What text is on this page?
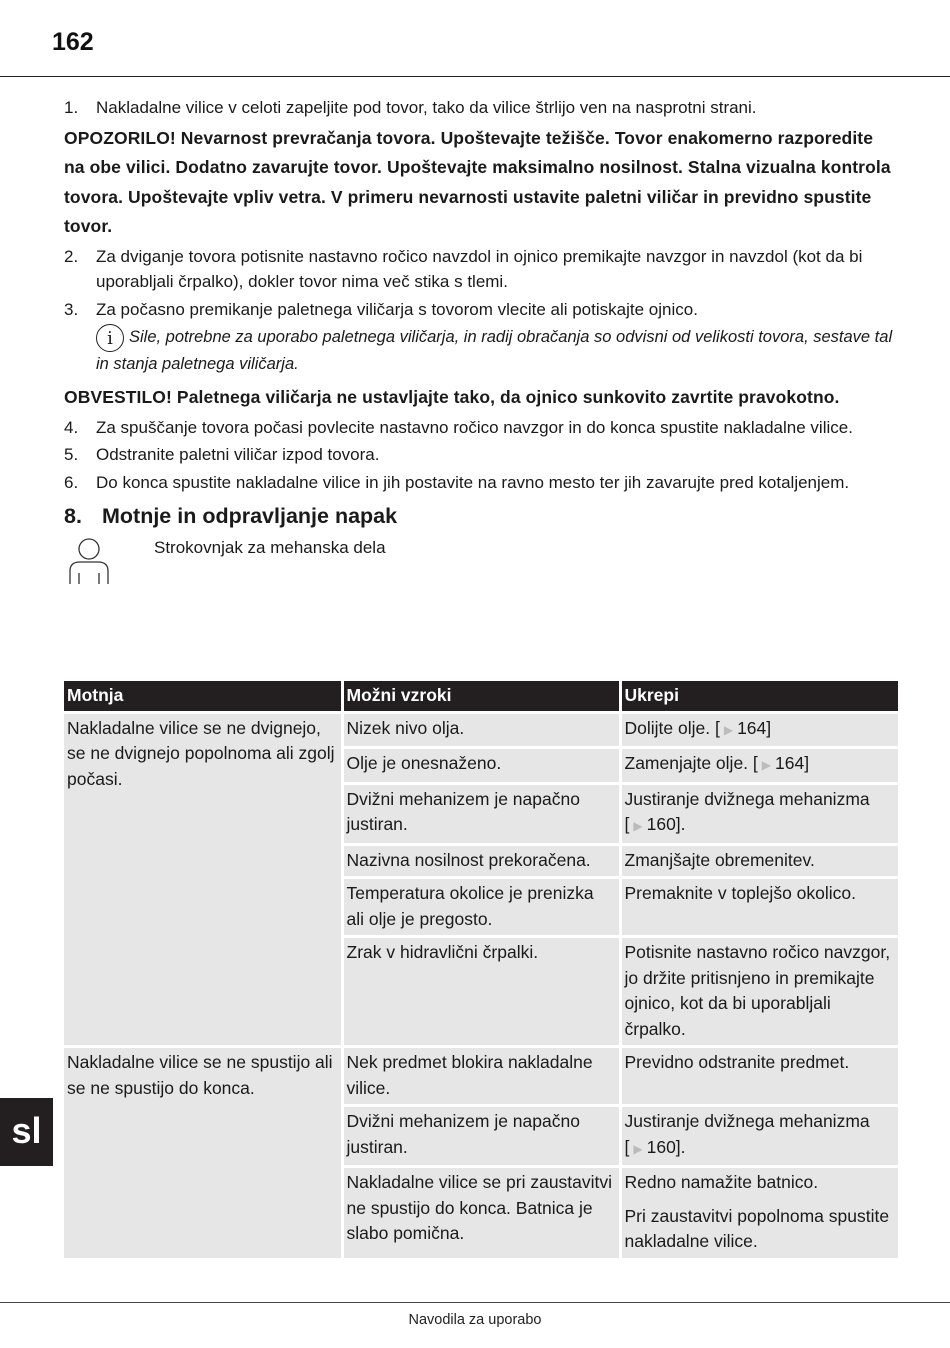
162
1.	Nakladalne vilice v celoti zapeljite pod tovor, tako da vilice štrlijo ven na nasprotni strani.
OPOZORILO! Nevarnost prevračanja tovora. Upoštevajte težišče. Tovor enakomerno razporedite na obe vilici. Dodatno zavarujte tovor. Upoštevajte maksimalno nosilnost. Stalna vizualna kontrola tovora. Upoštevajte vpliv vetra. V primeru nevarnosti ustavite paletni viličar in previdno spustite tovor.
2.	Za dviganje tovora potisnite nastavno ročico navzdol in ojnico premikajte navzgor in navzdol (kot da bi uporabljali črpalko), dokler tovor nima več stika s tlemi.
3.	Za počasno premikanje paletnega viličarja s tovorom vlecite ali potiskajte ojnico.
i Sile, potrebne za uporabo paletnega viličarja, in radij obračanja so odvisni od velikosti tovora, sestave tal in stanja paletnega viličarja.
OBVESTILO! Paletnega viličarja ne ustavljajte tako, da ojnico sunkovito zavrtite pravokotno.
4.	Za spuščanje tovora počasi povlecite nastavno ročico navzgor in do konca spustite nakladalne vilice.
5.	Odstranite paletni viličar izpod tovora.
6.	Do konca spustite nakladalne vilice in jih postavite na ravno mesto ter jih zavarujte pred kotaljenjem.
8. Motnje in odpravljanje napak
Strokovnjak za mehanska dela
Motnja	Možni vzroki	Ukrepi
Nakladalne vilice se ne dvignejo, se ne dvignejo popolnoma ali zgolj počasi.	Nizek nivo olja.	Dolijte olje. [ ▶ 164]
	Olje je onesnaženo.	Zamenjajte olje. [ ▶ 164]
	Dvižni mehanizem je napačno justiran.	Justiranje dvižnega mehanizma [ ▶ 160].
	Nazivna nosilnost prekoračena.	Zmanjšajte obremenitev.
	Temperatura okolice je prenizka ali olje je pregosto.	Premaknite v toplejšo okolico.
	Zrak v hidravlični črpalki.	Potisnite nastavno ročico navzgor, jo držite pritisnjeno in premikajte ojnico, kot da bi uporabljali črpalko.
Nakladalne vilice se ne spustijo ali se ne spustijo do konca.	Nek predmet blokira nakladalne vilice.	Previdno odstranite predmet.
	Dvižni mehanizem je napačno justiran.	Justiranje dvižnega mehanizma [ ▶ 160].
	Nakladalne vilice se pri zaustavitvi ne spustijo do konca. Batnica je slabo pomična.	Redno namažite batnico.
Pri zaustavitvi popolnoma spustite nakladalne vilice.
sl
Navodila za uporabo
